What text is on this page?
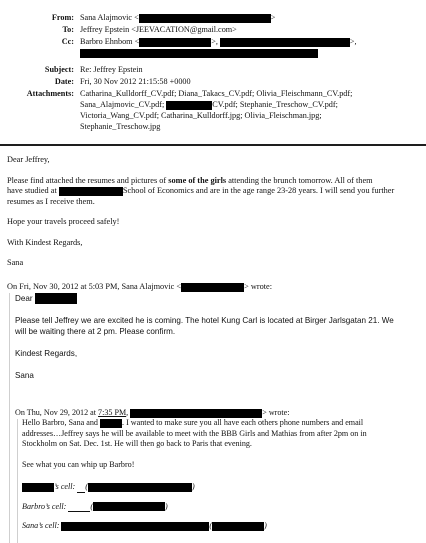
From: Sana Alajmovic <	>
To: Jeffrey Epstein <JEEVACATION@gmail.com>
Cc: Barbro Ehnbom <	>,	>,
Subject: Re: Jeffrey Epstein
Date: Fri, 30 Nov 2012 21:15:58 +0000
Attachments: Catharina_Kulldorff_CV.pdf; Diana_Takacs_CV.pdf; Olivia_Fleischmann_CV.pdf;
Sana_Alajmovic_CV.pdf;	CV.pdf; Stephanie_Treschow_CV.pdf;
Victoria_Wang_CV.pdf; Catharina_Kulldorff.jpg; Olivia_Fleischman.jpg;
Stephanie_Treschow.jpg

Dear Jeffrey,

Please find attached the resumes and pictures of some of the girls attending the brunch tomorrow. All of them
have studied at	School of Economics and are in the age range 23-28 years. I will send you further
resumes as I receive them.

Hope your travels proceed safely!

With Kindest Regards,

Sana

On Fri, Nov 30, 2012 at 5:03 PM, Sana Alajmovic <	> wrote:

Dear

Please tell Jeffrey we are excited he is coming. The hotel Kung Carl is located at Birger Jarlsgatan 21. We

will be waiting there at 2 pm. Please confirm.

Kindest Regards,

Sana

On Thu, Nov 29, 2012 at 7:35 PM,	> wrote:

Hello Barbro, Sana and	. I wanted to make sure you all have each others phone numbers and email

addresses…Jeffrey says he will be available to meet with the BBB Girls and Mathias from after 2pm on in

Stockholm on Sat. Dec. 1st. He will then go back to Paris that evening.

See what you can whip up Barbro!

’s cell: (	)

Barbro’s cell:	(	)

Sana’s cell:	(	)
